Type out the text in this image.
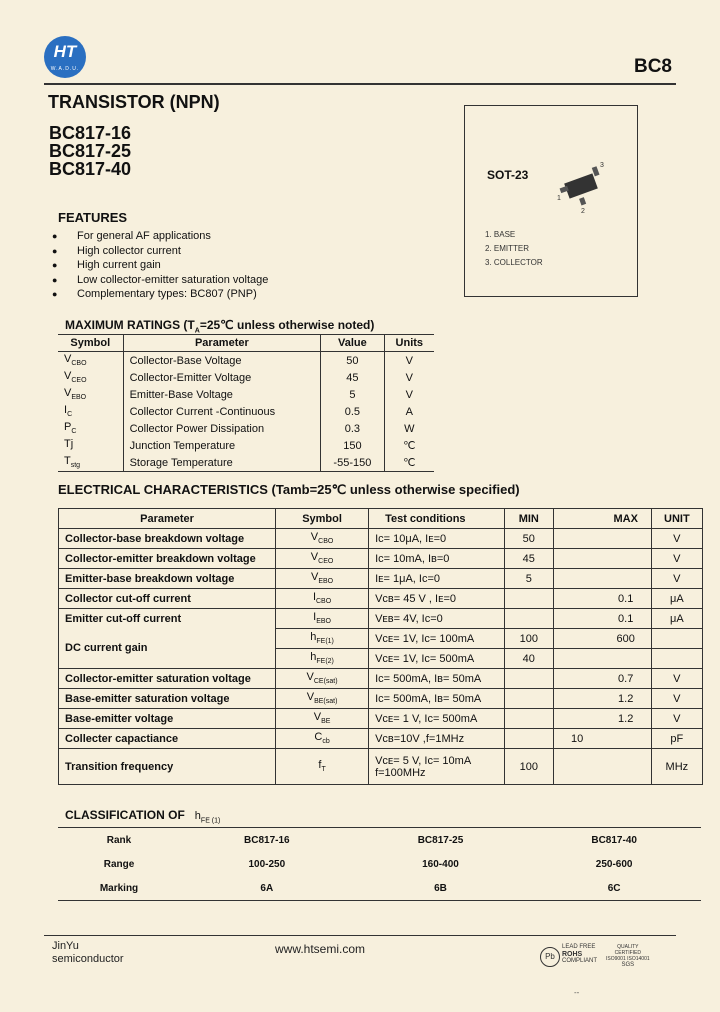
HT
W.A.D.U.	BC8
TRANSISTOR (NPN)
BC817-16
BC817-25
BC817-40	SOT-23
3
1
2
1. BASE
2. EMITTER
3. COLLECTOR
FEATURES
●	For general AF applications
●	High collector current
●	High current gain
●	Low collector-emitter saturation voltage
●	Complementary types: BC807 (PNP)
MAXIMUM RATINGS ($T_A=25℃$ unless otherwise noted)
Symbol	Parameter	Value	Units
$V_{CBO}$	Collector-Base Voltage	50	V
$V_{CEO}$	Collector-Emitter Voltage	45	V
$V_{EBO}$	Emitter-Base Voltage	5	V
$I_C$	Collector Current -Continuous	0.5	A
$P_C$	Collector Power Dissipation	0.3	W
Tj	Junction Temperature	150	℃
$T_{stg}$	Storage Temperature	-55-150	℃
ELECTRICAL CHARACTERISTICS (Tamb=25℃ unless otherwise specified)
Parameter	Symbol	Test conditions	MIN		MAX	UNIT
Collector-base breakdown voltage	$V_{CBO}$	Iᴄ= 10μA, Iᴇ=0	50			V
Collector-emitter breakdown voltage	$V_{CEO}$	Iᴄ= 10mA, Iʙ=0	45			V
Emitter-base breakdown voltage	$V_{EBO}$	Iᴇ= 1μA, Iᴄ=0	5			V
Collector cut-off current	$I_{CBO}$	Vᴄʙ= 45 V , Iᴇ=0			0.1	μA
Emitter cut-off current	$I_{EBO}$	Vᴇʙ= 4V, Iᴄ=0			0.1	μA
DC current gain	$h_{FE(1)}$	Vᴄᴇ= 1V, Iᴄ= 100mA	100		600	
	$h_{FE(2)}$	Vᴄᴇ= 1V, Iᴄ= 500mA	40			
Collector-emitter saturation voltage	$V_{CE(sat)}$	Iᴄ= 500mA, Iʙ= 50mA			0.7	V
Base-emitter saturation voltage	$V_{BE(sat)}$	Iᴄ= 500mA, Iʙ= 50mA			1.2	V
Base-emitter voltage	$V_{BE}$	Vᴄᴇ= 1 V, Iᴄ= 500mA			1.2	V
Collecter capactiance	$C_{cb}$	Vᴄʙ=10V ,f=1MHz		10		pF
Transition frequency	$f_T$	Vᴄᴇ= 5 V, Iᴄ= 10mA
f=100MHz	100			MHz
CLASSIFICATION OF $h_{FE (1)}$
Rank	BC817-16	BC817-25	BC817-40
Range	100-250	160-400	250-600
Marking	6A	6B	6C
JinYu
semiconductor
www.htsemi.com
Pb
LEAD FREE
ROHS
COMPLIANT
QUALITY
CERTIFIED
ISO9001 ISO14001
SGS
--
